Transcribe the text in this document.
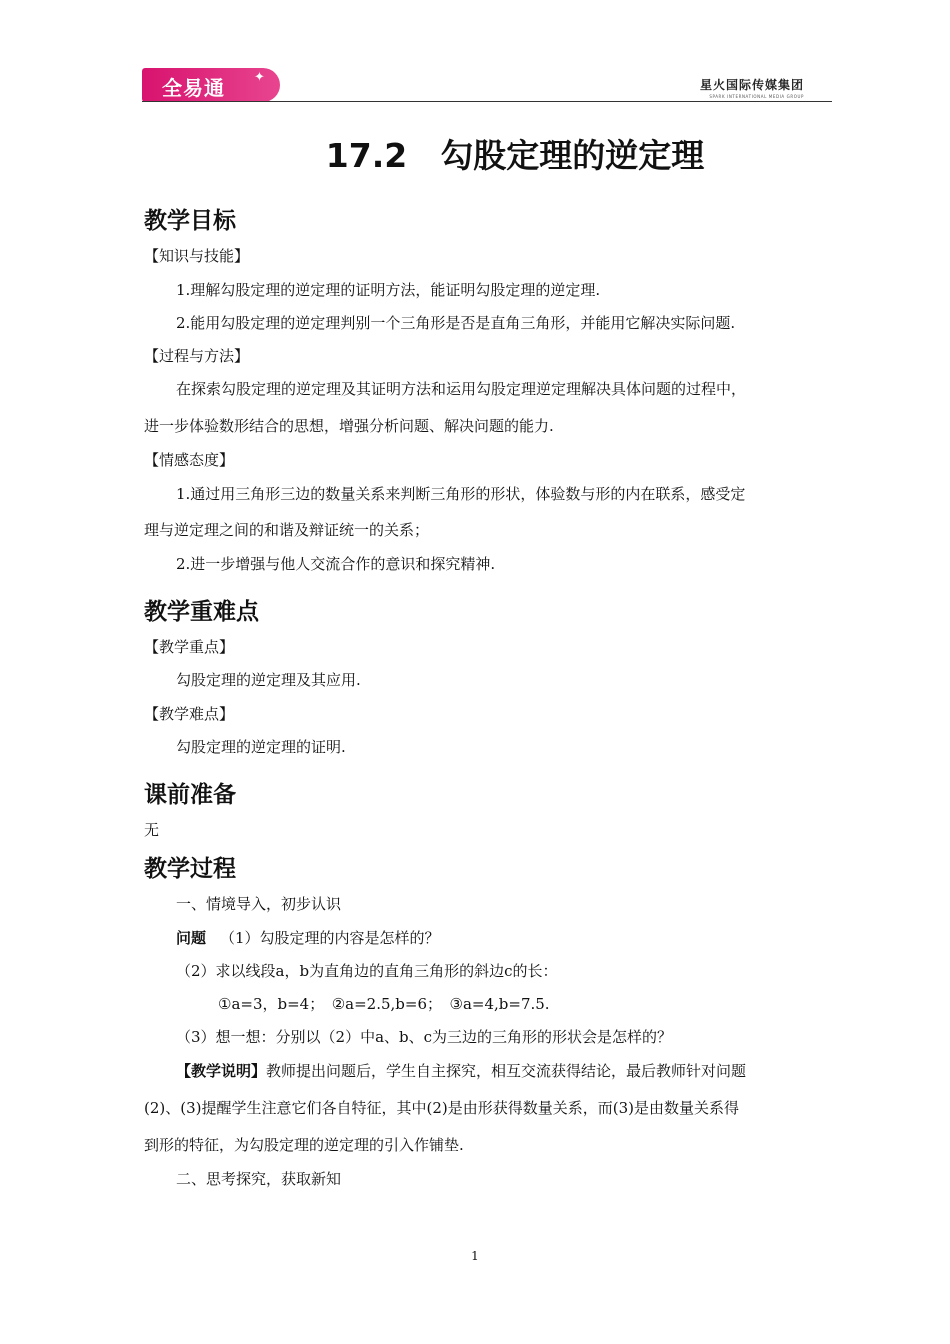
全易通 ✦	星火国际传媒集团
SPARK INTERNATIONAL MEDIA GROUP
17.2　勾股定理的逆定理
教学目标
【知识与技能】
1.理解勾股定理的逆定理的证明方法，能证明勾股定理的逆定理.
2.能用勾股定理的逆定理判别一个三角形是否是直角三角形，并能用它解决实际问题.
【过程与方法】
在探索勾股定理的逆定理及其证明方法和运用勾股定理逆定理解决具体问题的过程中，
进一步体验数形结合的思想，增强分析问题、解决问题的能力.
【情感态度】
1.通过用三角形三边的数量关系来判断三角形的形状，体验数与形的内在联系，感受定
理与逆定理之间的和谐及辩证统一的关系；
2.进一步增强与他人交流合作的意识和探究精神.
教学重难点
【教学重点】
勾股定理的逆定理及其应用.
【教学难点】
勾股定理的逆定理的证明.
课前准备
无
教学过程
一、情境导入，初步认识
问题 （1）勾股定理的内容是怎样的？
（2）求以线段a，b为直角边的直角三角形的斜边c的长：
①a=3，b=4；　②a=2.5,b=6；　③a=4,b=7.5.
（3）想一想：分别以（2）中a、b、c为三边的三角形的形状会是怎样的？
【教学说明】教师提出问题后，学生自主探究，相互交流获得结论，最后教师针对问题
(2)、(3)提醒学生注意它们各自特征，其中(2)是由形获得数量关系，而(3)是由数量关系得
到形的特征，为勾股定理的逆定理的引入作铺垫.
二、思考探究，获取新知
1
